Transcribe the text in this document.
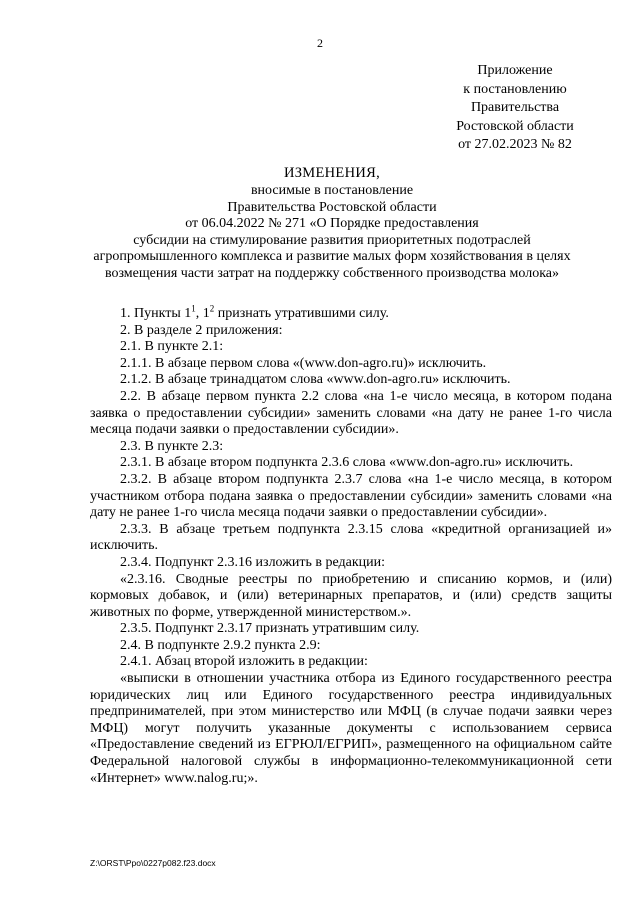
2
Приложение
к постановлению
Правительства
Ростовской области
от 27.02.2023 № 82
ИЗМЕНЕНИЯ,
вносимые в постановление
Правительства Ростовской области
от 06.04.2022 № 271 «О Порядке предоставления
субсидии на стимулирование развития приоритетных подотраслей
агропромышленного комплекса и развитие малых форм хозяйствования в целях
возмещения части затрат на поддержку собственного производства молока»

1. Пункты $1^1$, $1^2$ признать утратившими силу.

2. В разделе 2 приложения:

2.1. В пункте 2.1:

2.1.1. В абзаце первом слова «(www.don-agro.ru)» исключить.

2.1.2. В абзаце тринадцатом слова «www.don-agro.ru» исключить.

2.2. В абзаце первом пункта 2.2 слова «на 1-е число месяца, в котором подана заявка о предоставлении субсидии» заменить словами «на дату не ранее 1-го числа месяца подачи заявки о предоставлении субсидии».

2.3. В пункте 2.3:

2.3.1. В абзаце втором подпункта 2.3.6 слова «www.don-agro.ru» исключить.

2.3.2. В абзаце втором подпункта 2.3.7 слова «на 1-е число месяца, в котором участником отбора подана заявка о предоставлении субсидии» заменить словами «на дату не ранее 1-го числа месяца подачи заявки о предоставлении субсидии».

2.3.3. В абзаце третьем подпункта 2.3.15 слова «кредитной организацией и» исключить.

2.3.4. Подпункт 2.3.16 изложить в редакции:

«2.3.16. Сводные реестры по приобретению и списанию кормов, и (или) кормовых добавок, и (или) ветеринарных препаратов, и (или) средств защиты животных по форме, утвержденной министерством.».

2.3.5. Подпункт 2.3.17 признать утратившим силу.

2.4. В подпункте 2.9.2 пункта 2.9:

2.4.1. Абзац второй изложить в редакции:

«выписки в отношении участника отбора из Единого государственного реестра юридических лиц или Единого государственного реестра индивидуальных предпринимателей, при этом министерство или МФЦ (в случае подачи заявки через МФЦ) могут получить указанные документы с использованием сервиса «Предоставление сведений из ЕГРЮЛ/ЕГРИП», размещенного на официальном сайте Федеральной налоговой службы в информационно-телекоммуникационной сети «Интернет» www.nalog.ru;».

Z:\ORST\Ppo\0227p082.f23.docx
